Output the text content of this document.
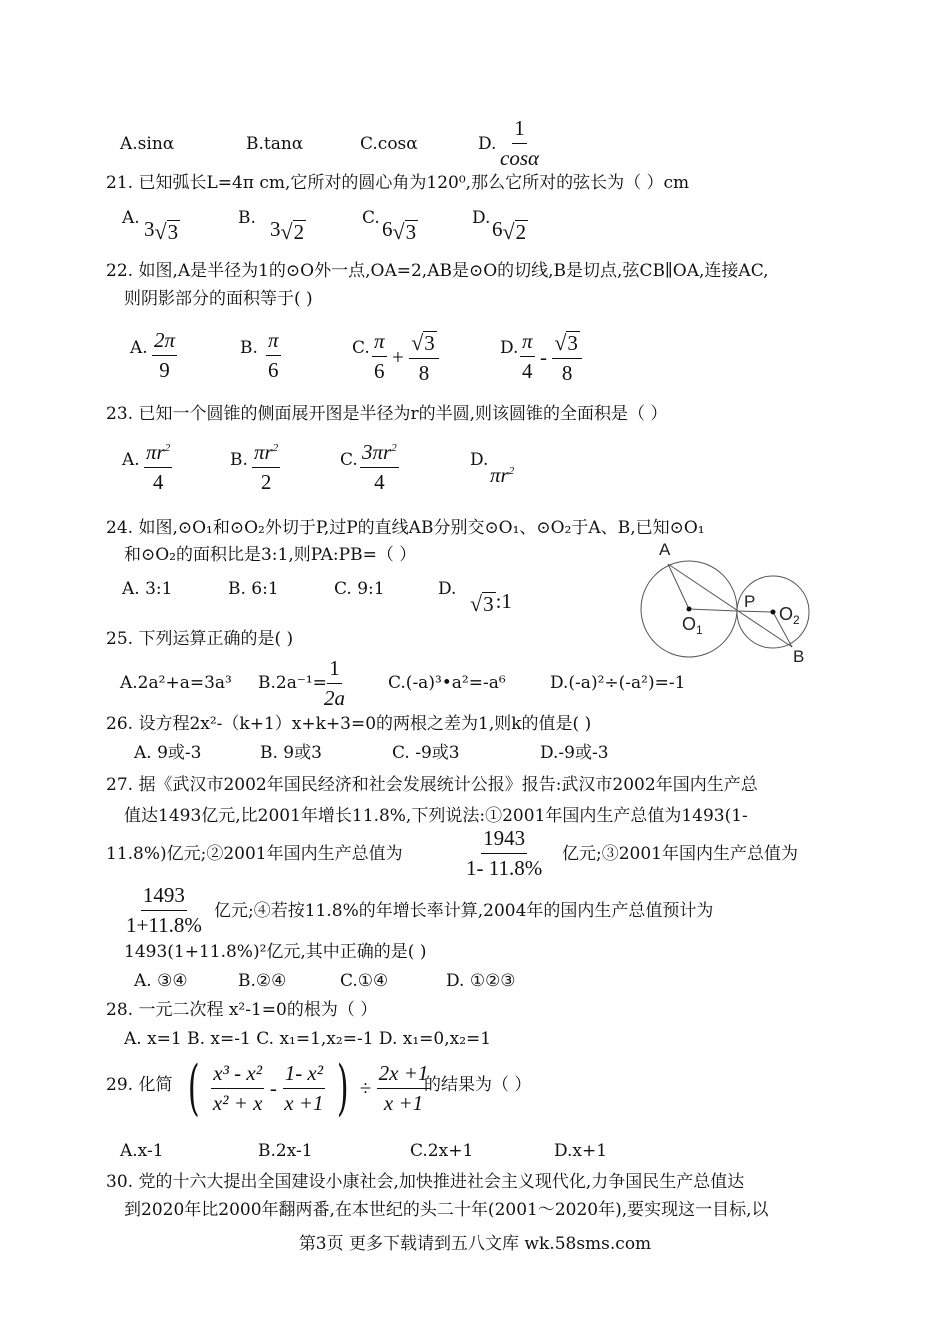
A.sinα	B.tanα	C.cosα	D. $\frac{1}{\cos\alpha}$
21. 已知弧长L=4π cm,它所对的圆心角为120⁰,那么它所对的弦长为（ ）cm
A. 3 √ 3
B. 3 √ 2
C. 6 √ 3
D. 6 √ 2
22. 如图,A是半径为1的⊙O外一点,OA=2,AB是⊙O的切线,B是切点,弦CB∥OA,连接AC,
则阴影部分的面积等于( )
A. $\frac{2\pi}{9}$	B. $\frac{\pi}{6}$	C. $\frac{\pi}{6} + \frac{√ 3}{8}$	D. $\frac{\pi}{4} - \frac{√ 3}{8}$
23. 已知一个圆锥的侧面展开图是半径为r的半圆,则该圆锥的全面积是（ ）
A. $\frac{\pi r^2}{4}$	B. $\frac{\pi r^2}{2}$	C. $\frac{3\pi r^2}{4}$	D.
$\pi r^2$
24. 如图,⊙O₁和⊙O₂外切于P,过P的直线AB分别交⊙O₁、⊙O₂于A、B,已知⊙O₁
和⊙O₂的面积比是3:1,则PA:PB=（ ）
A. 3:1	B. 6:1	C. 9:1	D.
√ 3 :1
A
P
$O_1$
$O_2$
B
25. 下列运算正确的是( )
A.2a²+a=3a³ B.2a⁻¹=
$\frac{1}{2a}$ C.(-a)³•a²=-a⁶	D.(-a)²÷(-a²)=-1
26. 设方程2x²-（k+1）x+k+3=0的两根之差为1,则k的值是( )
A. 9或-3	B. 9或3	C. -9或3	D.-9或-3
27. 据《武汉市2002年国民经济和社会发展统计公报》报告:武汉市2002年国内生产总
值达1493亿元,比2001年增长11.8%,下列说法:①2001年国内生产总值为1493(1-
11.8%)亿元;②2001年国内生产总值为	$\frac{1943}{1- 11.8\%}$ 亿元;③2001年国内生产总值为
$\frac{1493}{1+11.8\%}$ 亿元;④若按11.8%的年增长率计算,2004年的国内生产总值预计为
1493(1+11.8%)²亿元,其中正确的是( )
A. ③④	B.②④	C.①④	D. ①②③
28. 一元二次程 x²-1=0的根为（ ）
A. x=1 B. x=-1 C. x₁=1,x₂=-1 D. x₁=0,x₂=1
29. 化简 ( $\frac{\text{x³ - x²}}{\text{x² + x}} - \frac{\text{1- x²}}{x +1}$ ) ÷ $\frac{2x +1}{x +1}$
的结果为（ ）
A.x-1	B.2x-1	C.2x+1	D.x+1
30. 党的十六大提出全国建设小康社会,加快推进社会主义现代化,力争国民生产总值达
到2020年比2000年翻两番,在本世纪的头二十年(2001～2020年),要实现这一目标,以
第3页 更多下载请到五八文库 wk.58sms.com
